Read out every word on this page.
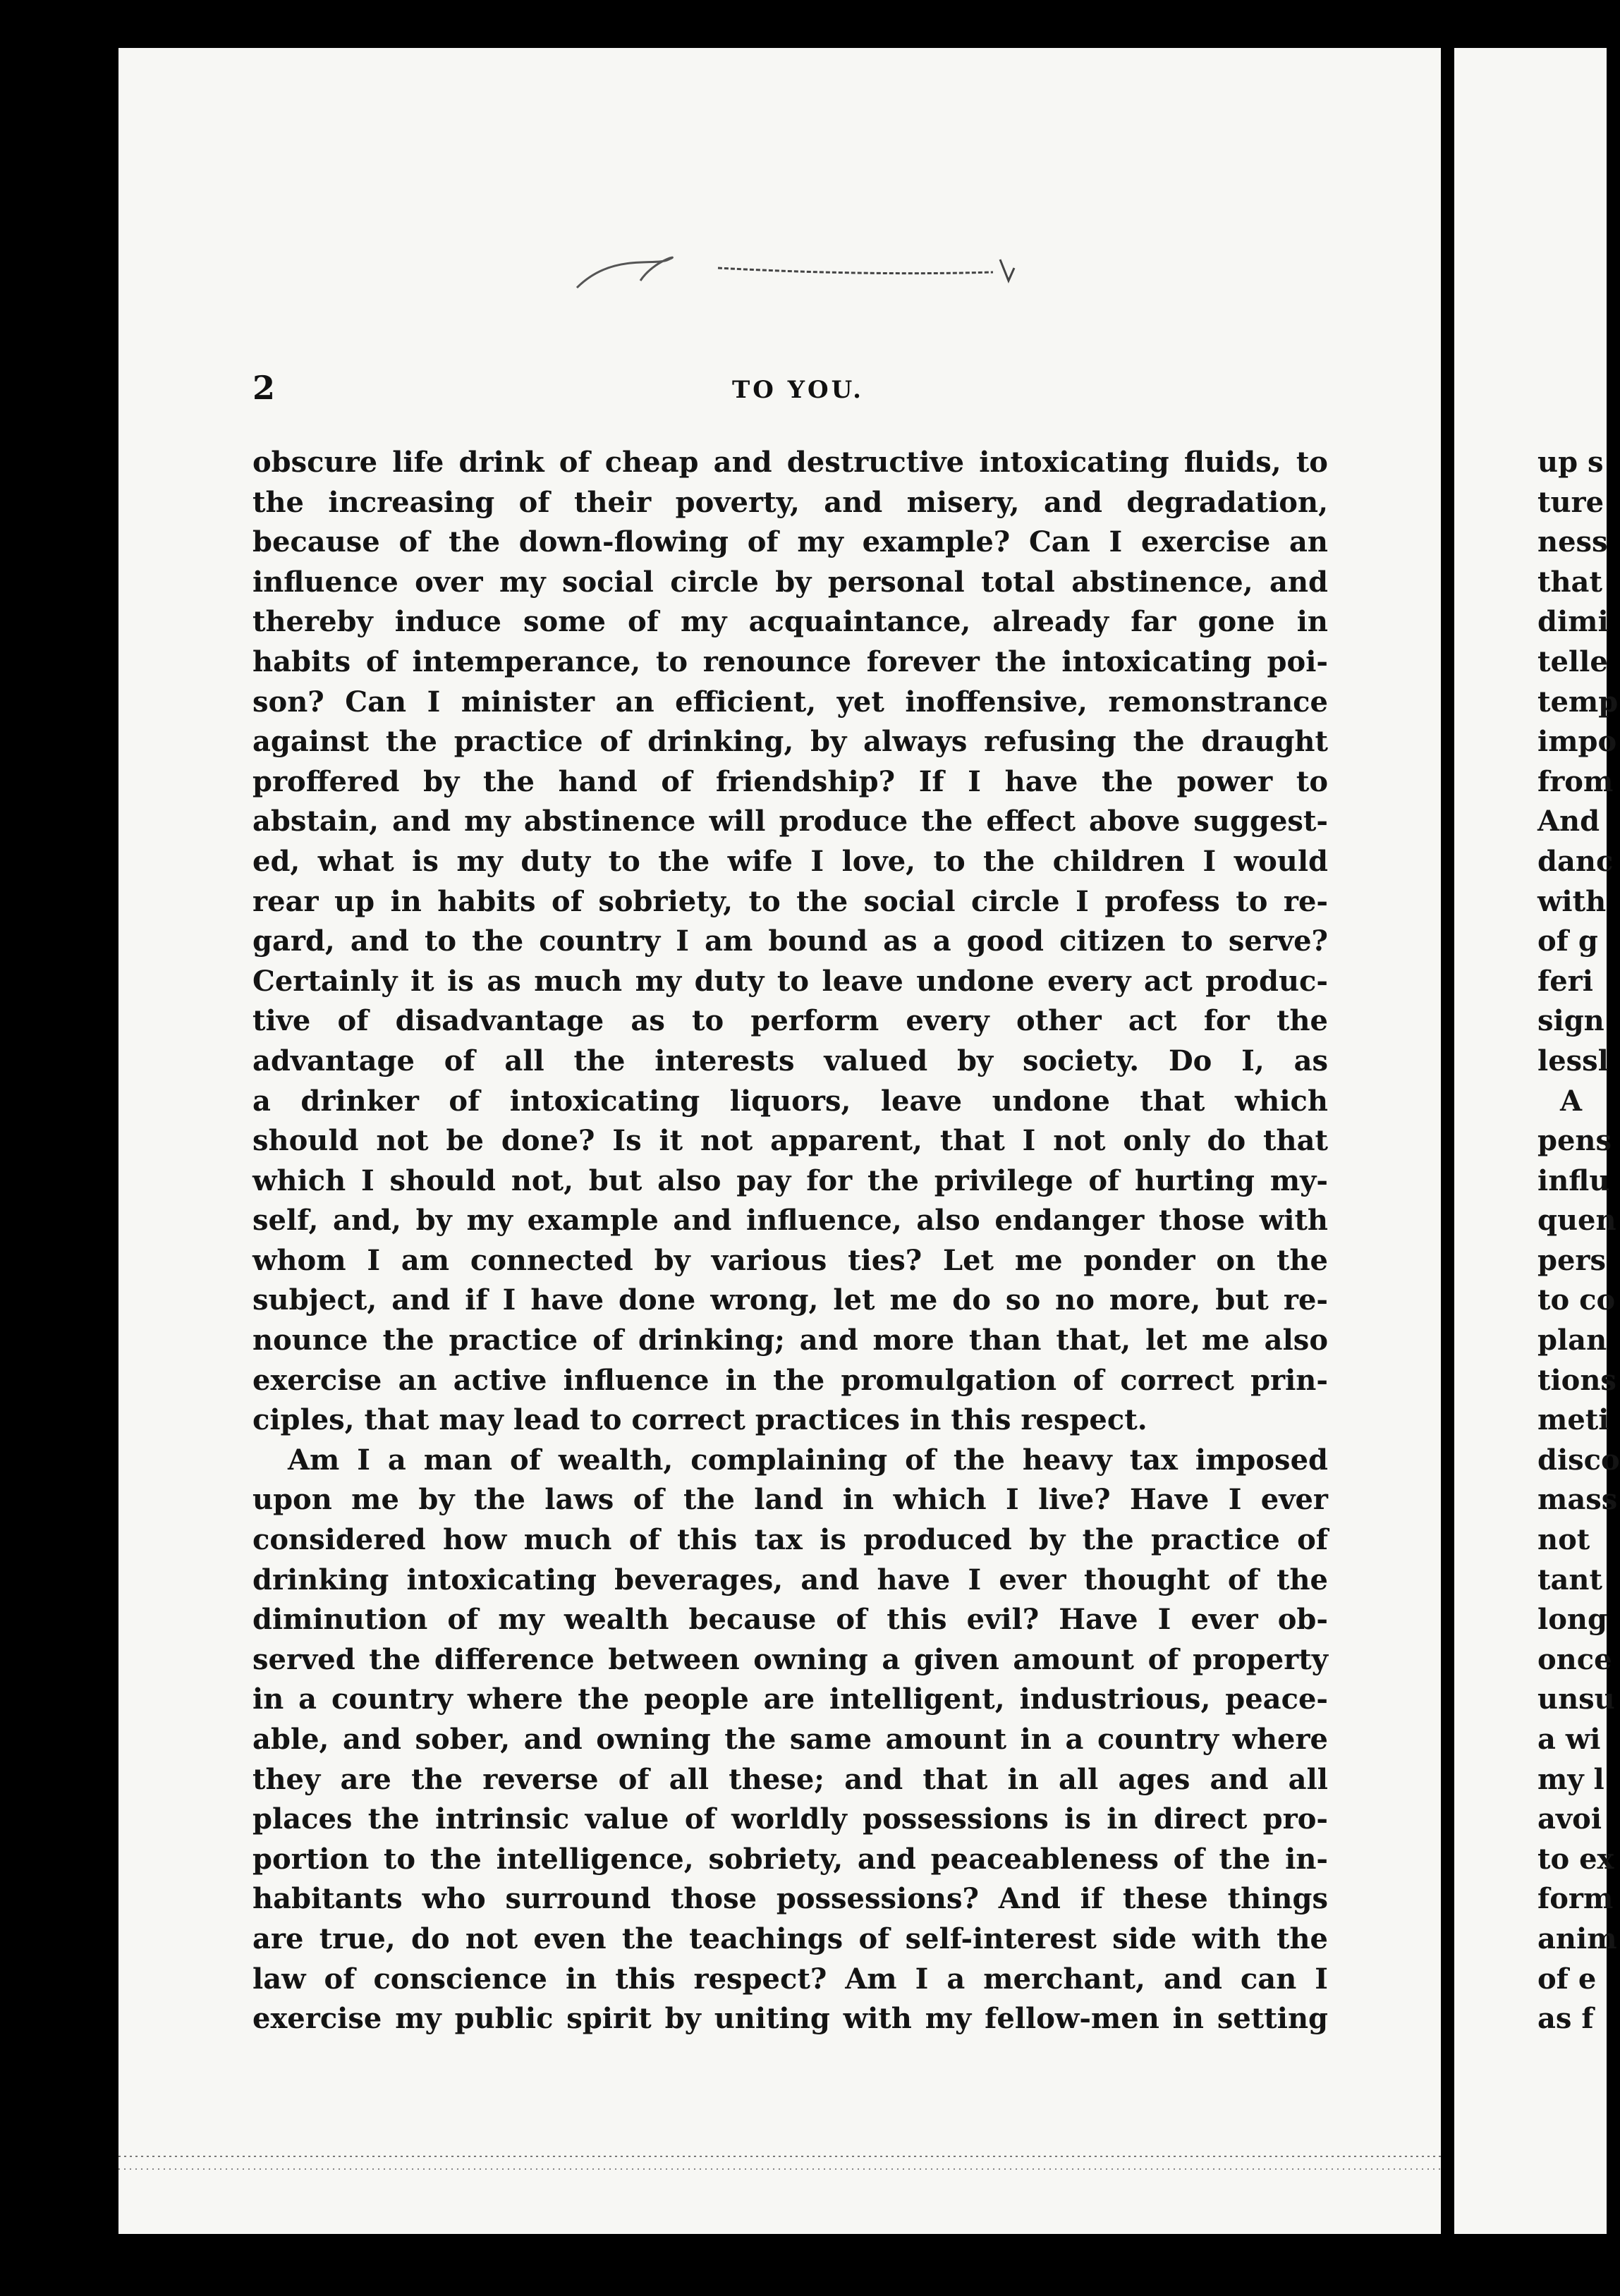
2	TO YOU.
obscure life drink of cheap and destructive intoxicating fluids, to
the increasing of their poverty, and misery, and degradation,
because of the down-flowing of my example? Can I exercise an
influence over my social circle by personal total abstinence, and
thereby induce some of my acquaintance, already far gone in
habits of intemperance, to renounce forever the intoxicating poi-
son? Can I minister an efficient, yet inoffensive, remonstrance
against the practice of drinking, by always refusing the draught
proffered by the hand of friendship? If I have the power to
abstain, and my abstinence will produce the effect above suggest-
ed, what is my duty to the wife I love, to the children I would
rear up in habits of sobriety, to the social circle I profess to re-
gard, and to the country I am bound as a good citizen to serve?
Certainly it is as much my duty to leave undone every act produc-
tive of disadvantage as to perform every other act for the
advantage of all the interests valued by society. Do I, as
a drinker of intoxicating liquors, leave undone that which
should not be done? Is it not apparent, that I not only do that
which I should not, but also pay for the privilege of hurting my-
self, and, by my example and influence, also endanger those with
whom I am connected by various ties? Let me ponder on the
subject, and if I have done wrong, let me do so no more, but re-
nounce the practice of drinking; and more than that, let me also
exercise an active influence in the promulgation of correct prin-
ciples, that may lead to correct practices in this respect.
Am I a man of wealth, complaining of the heavy tax imposed
upon me by the laws of the land in which I live? Have I ever
considered how much of this tax is produced by the practice of
drinking intoxicating beverages, and have I ever thought of the
diminution of my wealth because of this evil? Have I ever ob-
served the difference between owning a given amount of property
in a country where the people are intelligent, industrious, peace-
able, and sober, and owning the same amount in a country where
they are the reverse of all these; and that in all ages and all
places the intrinsic value of worldly possessions is in direct pro-
portion to the intelligence, sobriety, and peaceableness of the in-
habitants who surround those possessions? And if these things
are true, do not even the teachings of self-interest side with the
law of conscience in this respect? Am I a merchant, and can I
exercise my public spirit by uniting with my fellow-men in setting
up s
ture
ness
that
dimi
telle
temp
impo
from
And
danc
with
of g
feri
sign
lessl
A
pens
influ
quen
pers
to co
plan
tions
meti
disco
mass
not
tant
long
once
unsu
a wi
my l
avoi
to ex
form
anim
of e
as f
